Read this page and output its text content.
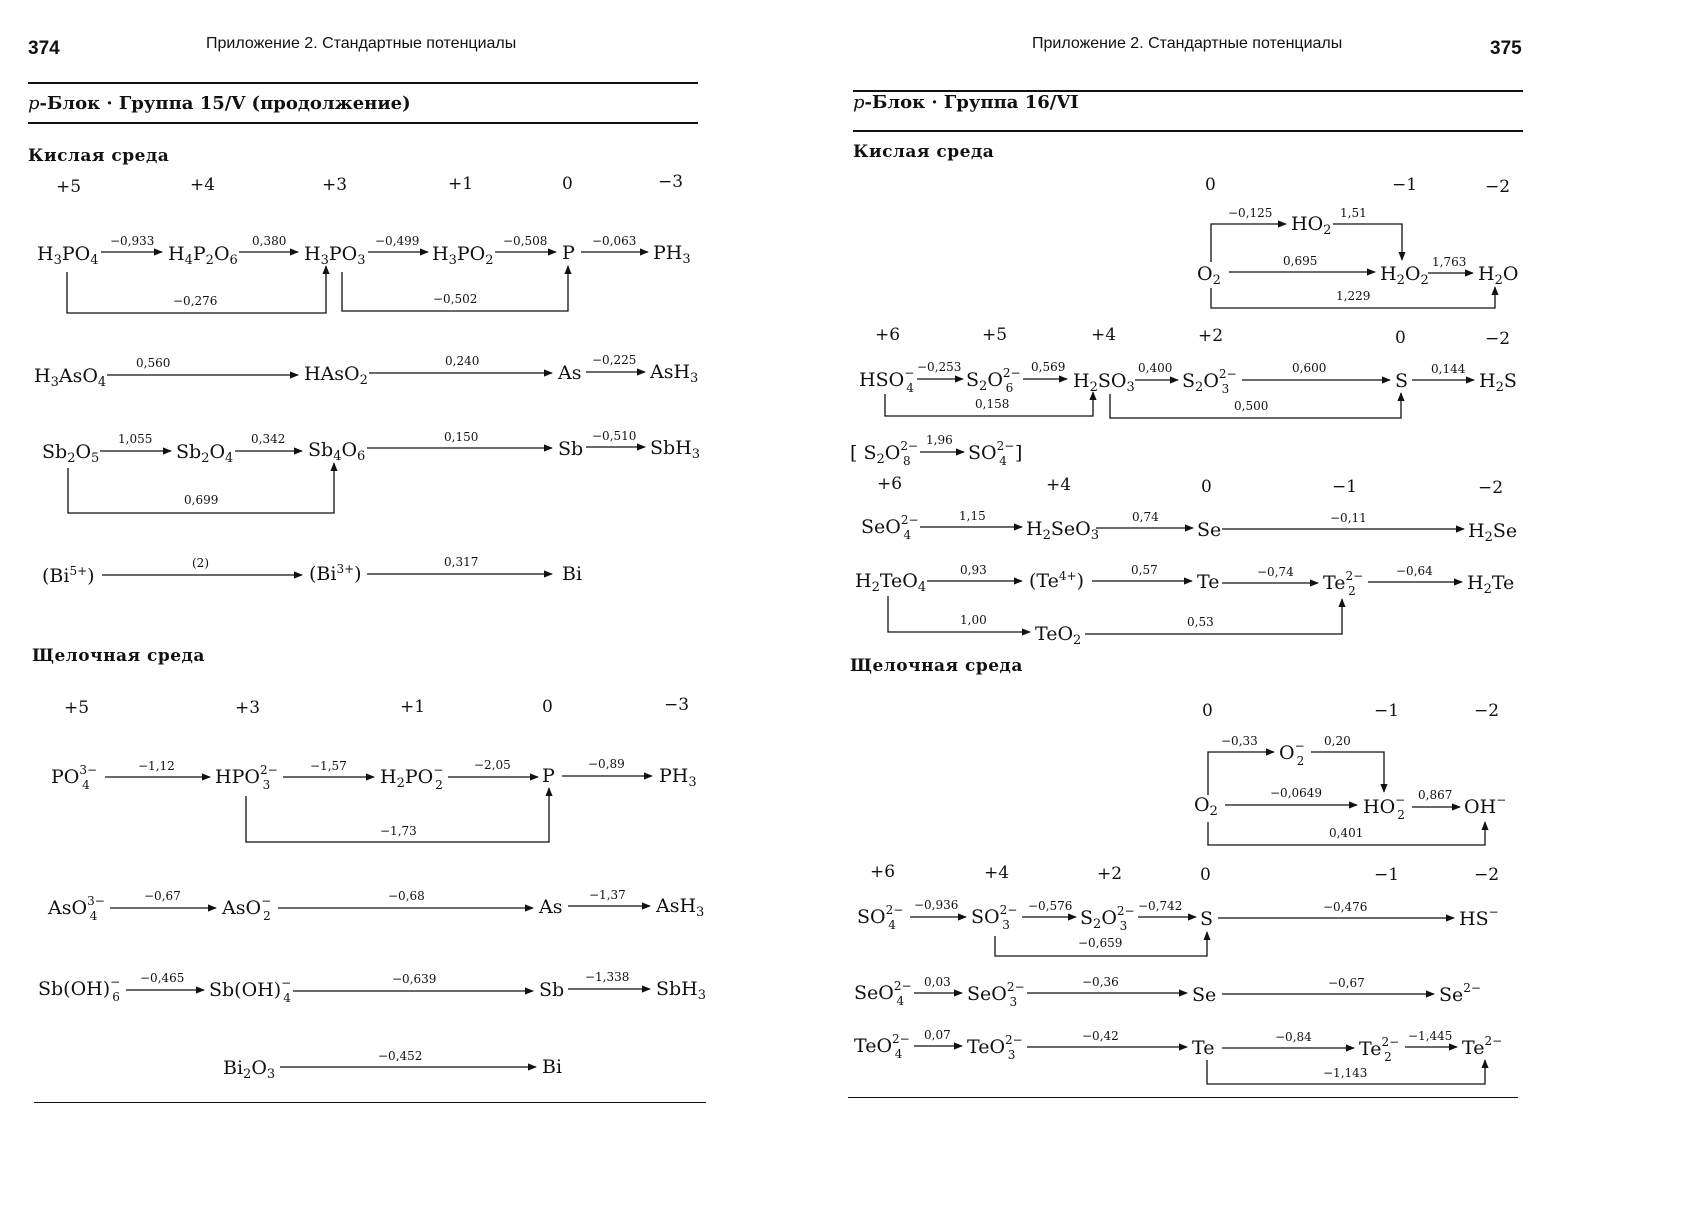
374	Приложение 2. Стандартные потенциалы
p-Блок · Группа 15/V (продолжение)
Кислая среда
Щелочная среда
+5	+4	+3	+1	0	−3
$H_3PO_4$
−0,933
$H_4P_2O_6$
0,380
$H_3PO_3$
−0,499
$H_3PO_2$
−0,508
P
−0,063
$PH_3$
−0,276	−0,502
$H_3AsO_4$
0,560	HAsO$_2$
0,240
As
−0,225
AsH$_3$
$Sb_2O_5$
1,055
$Sb_2O_4$
0,342 $Sb_4O_6$
0,150
Sb
−0,510
SbH$_3$
0,699
$(Bi^{5+})$
(2)	$(Bi^{3+})$
0,317
Bi
+5	+3	+1	0	−3
$PO^{3-}$ 4
−1,12 $HPO^{2-}$ 3
−1,57 $H_2PO^-$ 2
−2,05 P
−0,89
$PH_3$
−1,73
AsO$^{3-}$ 4
−0,67
AsO− 2
−0,68	As
−1,37 AsH$_3$
Sb(OH)− 6
−0,465
Sb(OH)− 4
−0,639	Sb
−1,338
SbH$_3$
$Bi_2O_3$
−0,452	Bi
Приложение 2. Стандартные потенциалы	375
p-Блок · Группа 16/VI
Кислая среда
Щелочная среда
0	−1	−2
−0,125 $HO_2$
1,51
$O_2$
0,695
$H_2O_2$
1,763
$H_2O$
1,229
+6	+5	+4	+2	0	−2
HSO− 4
−0,253
$S_2O^{2-}$ 6
0,569
$H_2SO_3$
0,400
$S_2O^{2-}$ 3
0,600
S
0,144
$H_2S$
0,158	0,500
[ $S_2O^{2-}$ 8
1,96
$SO^{2-}$ 4 ]
+6	+4	0	−1	−2
SeO$^{2-}$ 4
1,15
$H_2SeO_3$
0,74
Se
−0,11
$H_2Se$
$H_2TeO_4$
0,93 $(Te^{4+})$	0,57
Te	−0,74 $Te^{2-}$ 2
−0,64
$H_2Te$
1,00
TeO$_2$
0,53
0	−1	−2
−0,33
O− 2
0,20
$O_2$
−0,0649
HO− 2
0,867
OH−
0,401
+6	+4	+2	0	−1	−2
$SO^{2-}$ 4
−0,936
$SO^{2-}$ 3
−0,576
$S_2O^{2-}$ 3
−0,742
S
−0,476
HS−
−0,659
SeO$^{2-}$ 4
0,03
SeO$^{2-}$ 3
−0,36
Se
−0,67
$Se^{2-}$
TeO$^{2-}$ 4
0,07
TeO$^{2-}$ 3
−0,42
Te	−0,84
$Te^{2-}$ 2
−1,445
$Te^{2-}$
−1,143
